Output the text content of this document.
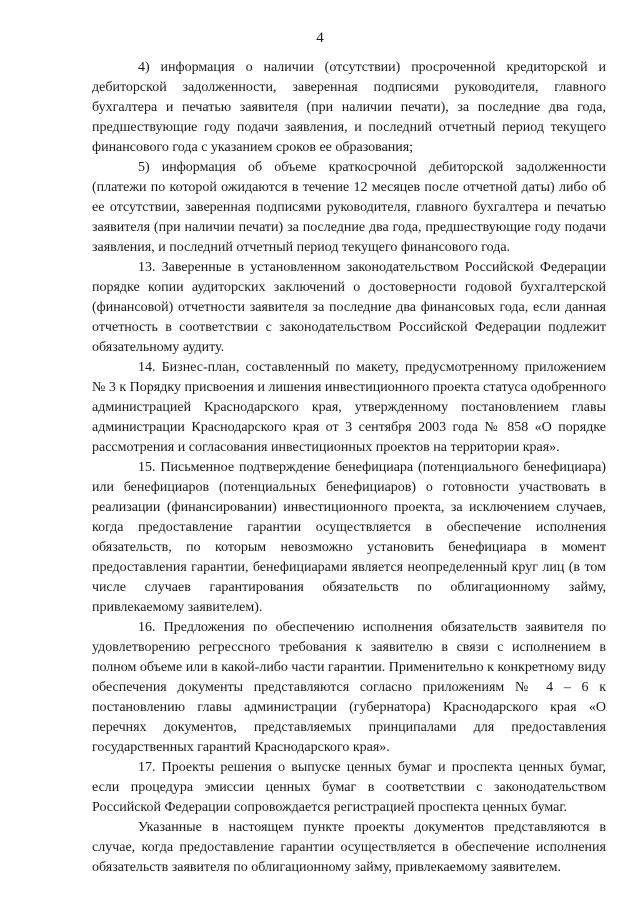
4

4) информация о наличии (отсутствии) просроченной кредиторской и дебиторской задолженности, заверенная подписями руководителя, главного бухгалтера и печатью заявителя (при наличии печати), за последние два года, предшествующие году подачи заявления, и последний отчетный период текущего финансового года с указанием сроков ее образования;

5) информация об объеме краткосрочной дебиторской задолженности (платежи по которой ожидаются в течение 12 месяцев после отчетной даты) либо об ее отсутствии, заверенная подписями руководителя, главного бухгалтера и печатью заявителя (при наличии печати) за последние два года, предшествующие году подачи заявления, и последний отчетный период текущего финансового года.

13. Заверенные в установленном законодательством Российской Федерации порядке копии аудиторских заключений о достоверности годовой бухгалтерской (финансовой) отчетности заявителя за последние два финансовых года, если данная отчетность в соответствии с законодательством Российской Федерации подлежит обязательному аудиту.

14. Бизнес-план, составленный по макету, предусмотренному приложением № 3 к Порядку присвоения и лишения инвестиционного проекта статуса одобренного администрацией Краснодарского края, утвержденному постановлением главы администрации Краснодарского края от 3 сентября 2003 года № 858 «О порядке рассмотрения и согласования инвестиционных проектов на территории края».

15. Письменное подтверждение бенефициара (потенциального бенефициара) или бенефициаров (потенциальных бенефициаров) о готовности участвовать в реализации (финансировании) инвестиционного проекта, за исключением случаев, когда предоставление гарантии осуществляется в обеспечение исполнения обязательств, по которым невозможно установить бенефициара в момент предоставления гарантии, бенефициарами является неопределенный круг лиц (в том числе случаев гарантирования обязательств по облигационному займу, привлекаемому заявителем).

16. Предложения по обеспечению исполнения обязательств заявителя по удовлетворению регрессного требования к заявителю в связи с исполнением в полном объеме или в какой-либо части гарантии. Применительно к конкретному виду обеспечения документы представляются согласно приложениям № 4 – 6 к постановлению главы администрации (губернатора) Краснодарского края «О перечнях документов, представляемых принципалами для предоставления государственных гарантий Краснодарского края».

17. Проекты решения о выпуске ценных бумаг и проспекта ценных бумаг, если процедура эмиссии ценных бумаг в соответствии с законодательством Российской Федерации сопровождается регистрацией проспекта ценных бумаг.

Указанные в настоящем пункте проекты документов представляются в случае, когда предоставление гарантии осуществляется в обеспечение исполнения обязательств заявителя по облигационному займу, привлекаемому заявителем.
